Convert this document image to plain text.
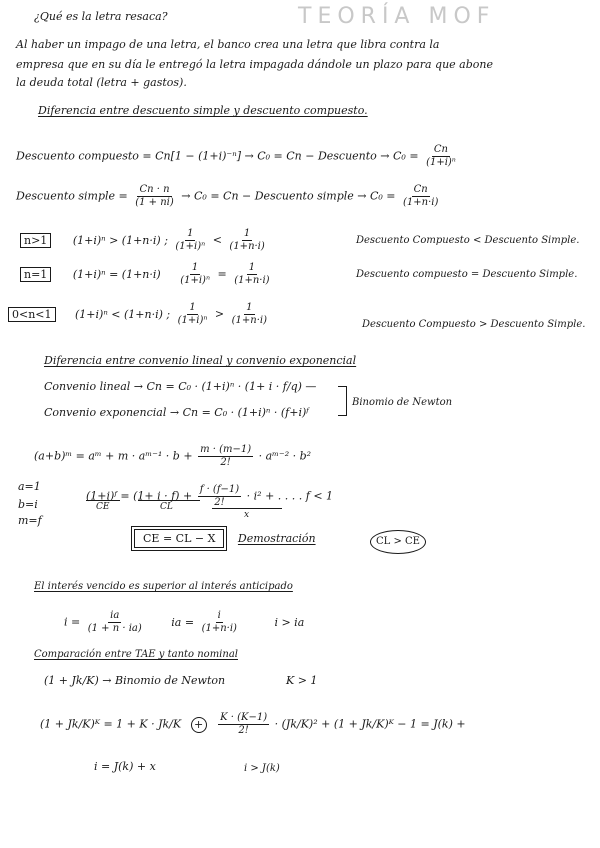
TEORÍA MOF
¿Qué es la letra resaca?
Al haber un impago de una letra, el banco crea una letra que libra contra la
empresa que en su día le entregó la letra impagada dándole un plazo para que abone
la deuda total (letra + gastos).
Diferencia entre descuento simple y descuento compuesto.
Descuento compuesto = Cn[1 − (1+i)⁻ⁿ] → C₀ = Cn − Descuento → $C_0 = \frac{Cn}{\text{(1+i)ⁿ}}$
Descuento simple = $\frac{Cn \cdot n}{(1 + ni)} \to C_0 = Cn$ − Descuento simple → $C_0 = \frac{Cn}{(1+n\cdot i)}$
n>1 (1+i)ⁿ > (1+n·i) ; $\frac{1}{\text{(1+i)ⁿ}} < \frac{1}{(1+n\cdot i)}$	Descuento Compuesto < Descuento Simple.
n=1 $(1+i)^n = (1+n\cdot i) \frac{1}{\text{(1+i)ⁿ}} = \frac{1}{(1+n\cdot i)}$	Descuento compuesto = Descuento Simple.
0<n<1 (1+i)ⁿ < (1+n·i) ; $\frac{1}{\text{(1+i)ⁿ}} > \frac{1}{(1+n\cdot i)}$	Descuento Compuesto > Descuento Simple.
Diferencia entre convenio lineal y convenio exponencial
Convenio lineal → Cn = C₀ · (1+i)ⁿ · (1+ i · f/q) —
Convenio exponencial → Cn = C₀ · (1+i)ⁿ · (f+i)ᶠ
Binomio de Newton
(a+b)ᵐ = aᵐ + m · aᵐ⁻¹ · $b + \frac{m \cdot (m-1)}{2!}$ · aᵐ⁻² · b²
a=1
b=i
m=f
(1+i)ᶠ = $(1+ i \cdot f) + \frac{f \cdot (f-1)}{2!} \cdot i^2$ + . . . . f < 1
CE	CL
x
CE = CL − X Demostración	CL > CE
El interés vencido es superior al interés anticipado
$i = \frac{ia}{(1 + n \cdot ia)}$	ia = $\frac{i}{(1+n\cdot i)}$	i > ia
Comparación entre TAE y tanto nominal
(1 + Jk/K) → Binomio de Newton	K > 1
(1 + Jk/K)ᴷ = $1 + K \cdot Jk/K + \frac{K \cdot (K-1)}{2!} \cdot (Jk/K)^2 + (1$ + Jk/K)ᴷ − 1 = J(k) +
i = J(k) + x	i > J(k)
